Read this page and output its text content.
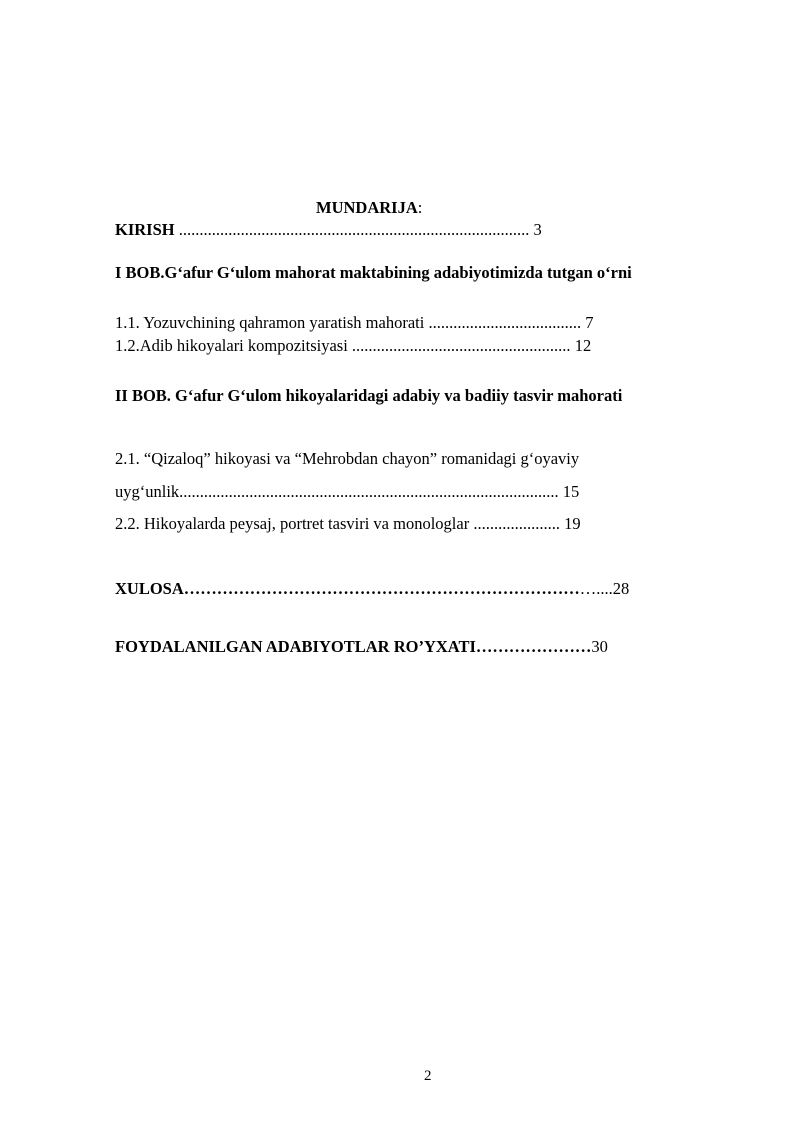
MUNDARIJA:
KIRISH ..................................................................................... 3
I BOB.G‘afur G‘ulom mahorat maktabining adabiyotimizda tutgan o‘rni
1.1. Yozuvchining qahramon yaratish mahorati ..................................... 7
1.2.Adib hikoyalari kompozitsiyasi ..................................................... 12
II BOB. G‘afur G‘ulom hikoyalaridagi adabiy va badiiy tasvir mahorati
2.1. “Qizaloq” hikoyasi va “Mehrobdan chayon” romanidagi g‘oyaviy
uyg‘unlik............................................................................................ 15
2.2. Hikoyalarda peysaj, portret tasviri va monologlar ..................... 19
XULOSA…………………………………………………………………....28
FOYDALANILGAN ADABIYOTLAR RO’YXATI…………………30
2
